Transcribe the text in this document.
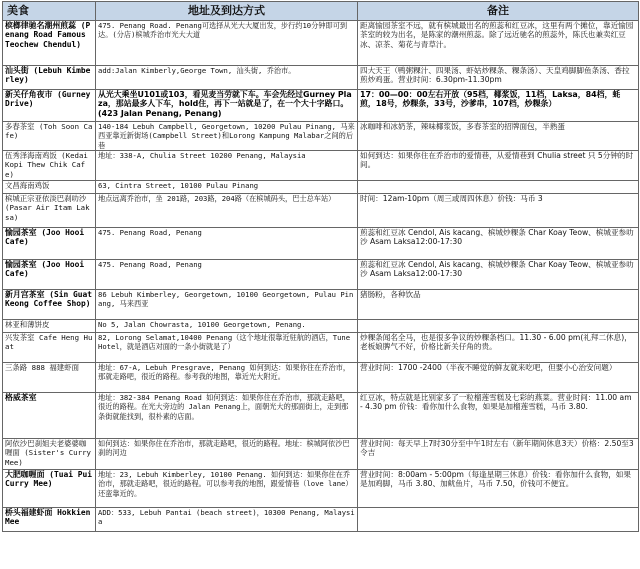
美食	地址及到达方式	备注
槟榔律驰名潮州煎蕊 (Penang Road Famous Teochew Chendul)	475. Penang Road. Penang可选择从光大大厦出发，步行约10分钟即可到达。(分店)槟城乔治市光大大道	距离愉园茶室不远，就有槟城最出名的煎蕊和红豆冰，这里有两个摊位，靠近愉园茶室的较为出名，是陈家的潮州煎蕊。除了远近驰名的煎蕊外，陈氏也兼卖红豆冰、凉茶、菊花与青草汁。
汕头街 (Lebuh Kimberley)	add:Jalan Kimberly,George Town, 汕头街, 乔治市。	四大天王（鸭粥粿汁、四果汤、虾姑炒粿条、粿条汤）、天皇鸡脚脚鱼条汤、香拉煎炒鸡蛋。营业时间：6.30pm-11.30pm
新关仔角夜市 (Gurney Drive)	从光大乘坐U101或103，看见麦当劳就下车。车会先经过Gurney Plaza，那站最多人下车，hold住，再下一站就是了，在一个大十字路口。(423 Jalan Penang, Penang)	17：00—00：00左右开放（95档，椰浆饭，11档，Laksa，84档，蚝煎，18号，炒粿条，33号，沙爹串，107档，炒粿条）
多春茶室 (Toh Soon Cafe)	140-184 Lebuh Campbell, Georgetown, 10200 Pulau Pinang, 马来西亚靠近新街场(Campbell Street)和Lorong Kampung Malabar之间的后巷	冰咖啡和冰奶茶，辣味椰浆饭，多春茶室的招牌面包，半熟蛋
伍秀泽海南鸡饭 (Kedai Kopi Thew Chik Cafe)	地址：338-A, Chulia Street 10200 Penang, Malaysia	如何到达：如果你住在乔治市的爱情巷，从爱情巷到 Chulia street 只 5分钟的时间。
文昌海南鸡饭	63, Cintra Street, 10100 Pulau Pinang	
槟城正宗亚依淡巴刹叻沙 (Pasar Air Itam Laksa)	地点远离乔治市，坐 201路，203路，204路（在槟城码头，巴士总车站）	时间：12am-10pm（周三或周四休息）价钱：马币 3
愉园茶室 (Joo Hooi Cafe)	475. Penang Road, Penang	煎蕊和红豆冰 Cendol, Ais kacang、槟城炒粿条 Char Koay Teow、槟城亚参叻沙 Asam Laksa12:00-17:30
愉园茶室 (Joo Hooi Cafe)	475. Penang Road, Penang	煎蕊和红豆冰 Cendol, Ais kacang、槟城炒粿条 Char Koay Teow、槟城亚参叻沙 Asam Laksa12:00-17:30
新月宫茶室 (Sin Guat Keong Coffee Shop)	86 Lebuh Kimberley, Georgetown, 10100 Georgetown, Pulau Pinang, 马来西亚	猪肠粉，各种饮品
林亚和薄饼皮	No 5, Jalan Chowrasta, 10100 Georgetown, Penang.	
兴发茶室 Cafe Heng Huat	82, Lorong Selamat,10400 Penang（这个地址很靠近驻航的酒店，Tune Hotel，就是酒店对面的一条小街就是了）	炒粿条闻名全马，也是很多争议的炒粿条档口。11.30 - 6.00 pm(礼拜二休息)，老板娘脾气不好，价格比新关仔角的贵。
三条路 888 福建虾面	地址：67-A, Lebuh Presgrave, Penang 如何到达：如果你住在乔治市，那就走路吧，很近的路程。参考我的地图，靠近光大附近。	营业时间：1700 -2400（半夜不睡觉的鲜友就来吃吧，但要小心治安问题）
格威茶室	地址：382-384 Penang Road 如何到达：如果你住在乔治市，那就走路吧，很近的路程。在光大旁边的 Jalan Penang上，面朝光大的那面街上，走到那条街就能找到，很朴素的店面。	红豆冰，特点就是比别家多了一粒榴莲雪糕及七彩的燕菜。营业时间：11.00 am - 4.30 pm 价钱：看你加什么食物，如果是加榴莲雪糕，马币 3.80.
阿依沙巴刹姐夫老婆婆咖喱面 (Sister's Curry Mee)	如何到达：如果你住在乔治市，那就走路吧，很近的路程。地址：槟城阿依沙巴刹的河边	营业时间：每天早上7时30分至中午1时左右（新年期间休息3天）价格：2.50至3令吉
大肥咖喱面 (Tuai Pui Curry Mee)	地址：23, Lebuh Kimberley, 10100 Penang. 如何到达：如果你住在乔治市，那就走路吧，很近的路程。可以参考我的地图，跟爱情巷（love lane）还蛮靠近的。	营业时间：8:00am - 5:00pm（每逢星期三休息）价钱：看你加什么食物，如果是加鸡脚，马币 3.80、加鱿鱼片，马币 7.50，价钱可不便宜。
桥头福建虾面 Hokkien Mee	ADD：533, Lebuh Pantai (beach street)，10300 Penang, Malaysia	
